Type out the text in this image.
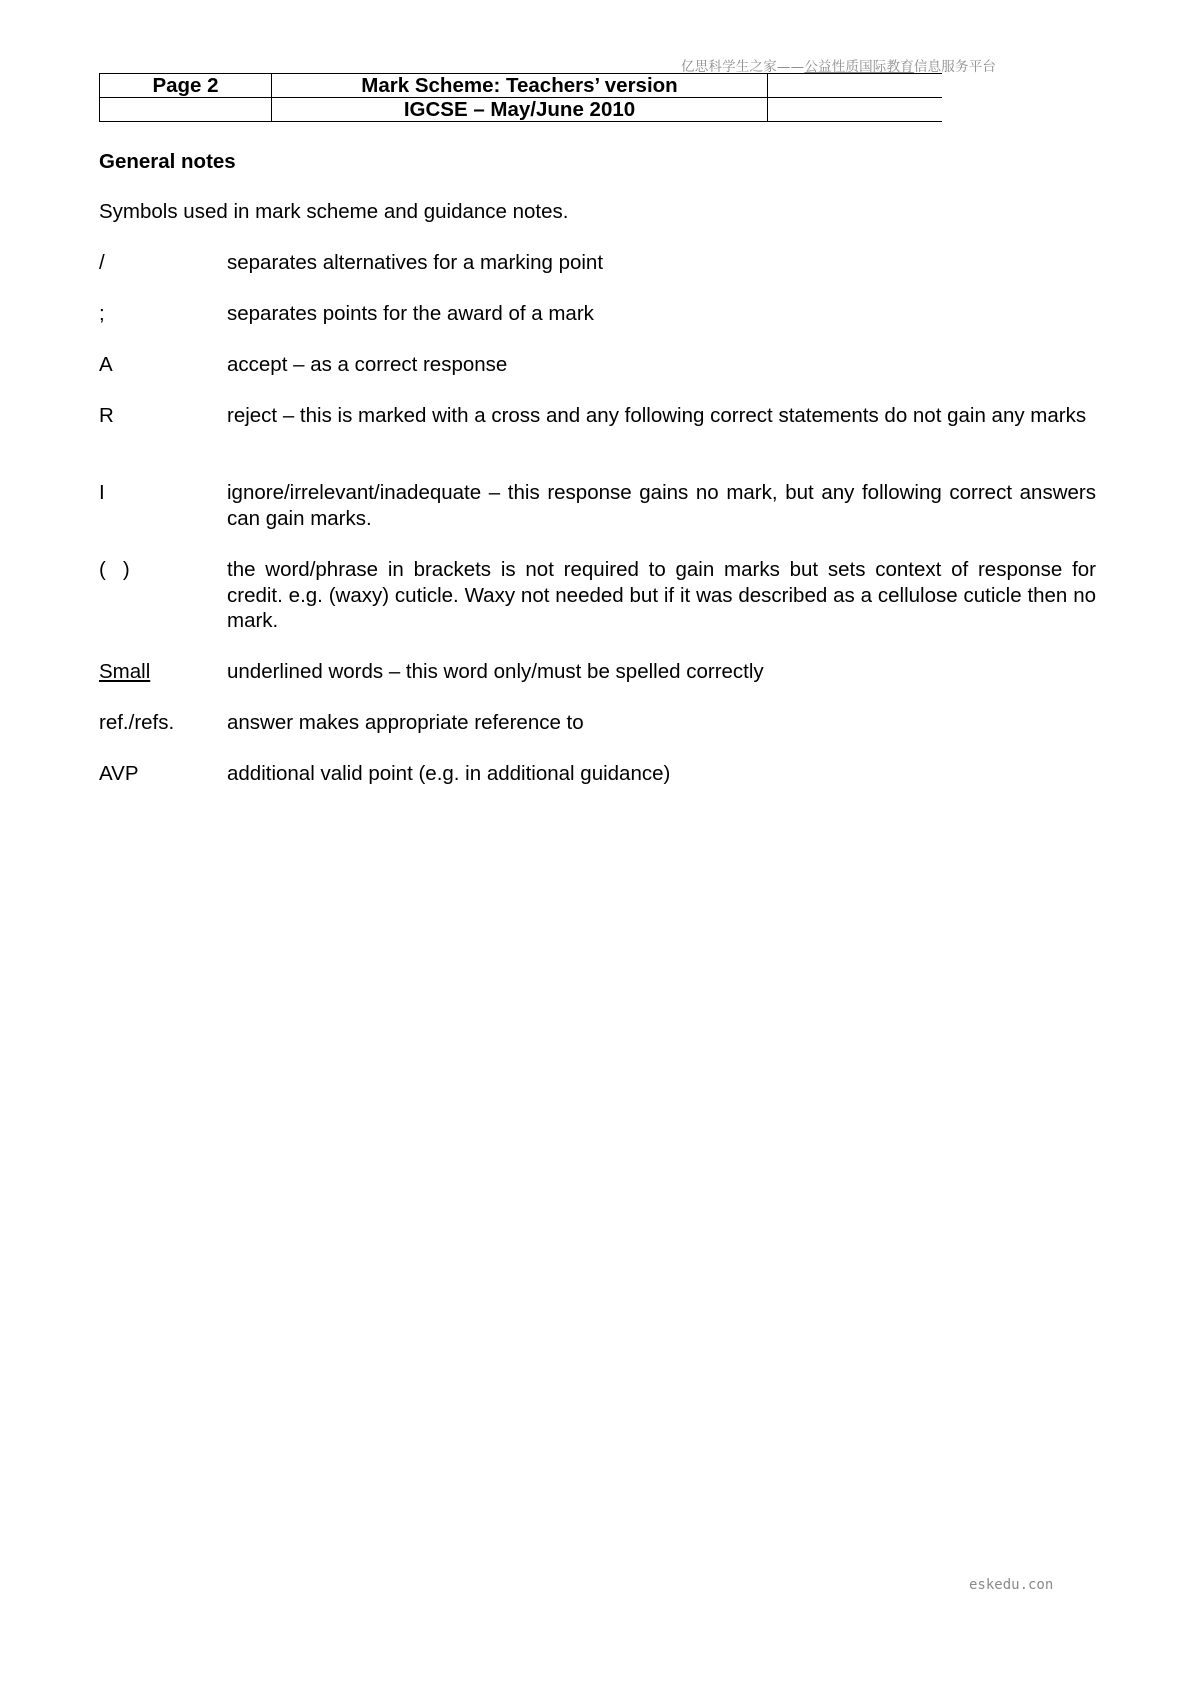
亿思科学生之家——公益性质国际教育信息服务平台
Page 2	Mark Scheme: Teachers’ version	
	IGCSE – May/June 2010	
General notes
Symbols used in mark scheme and guidance notes.
/	separates alternatives for a marking point
;	separates points for the award of a mark
A	accept – as a correct response
R	reject – this is marked with a cross and any following correct statements do not gain any marks
I	ignore/irrelevant/inadequate – this response gains no mark, but any following correct answers can gain marks.
(   )	the word/phrase in brackets is not required to gain marks but sets context of response for credit. e.g. (waxy) cuticle. Waxy not needed but if it was described as a cellulose cuticle then no mark.
Small	underlined words – this word only/must be spelled correctly
ref./refs.	answer makes appropriate reference to
AVP	additional valid point (e.g. in additional guidance)
eskedu.con
